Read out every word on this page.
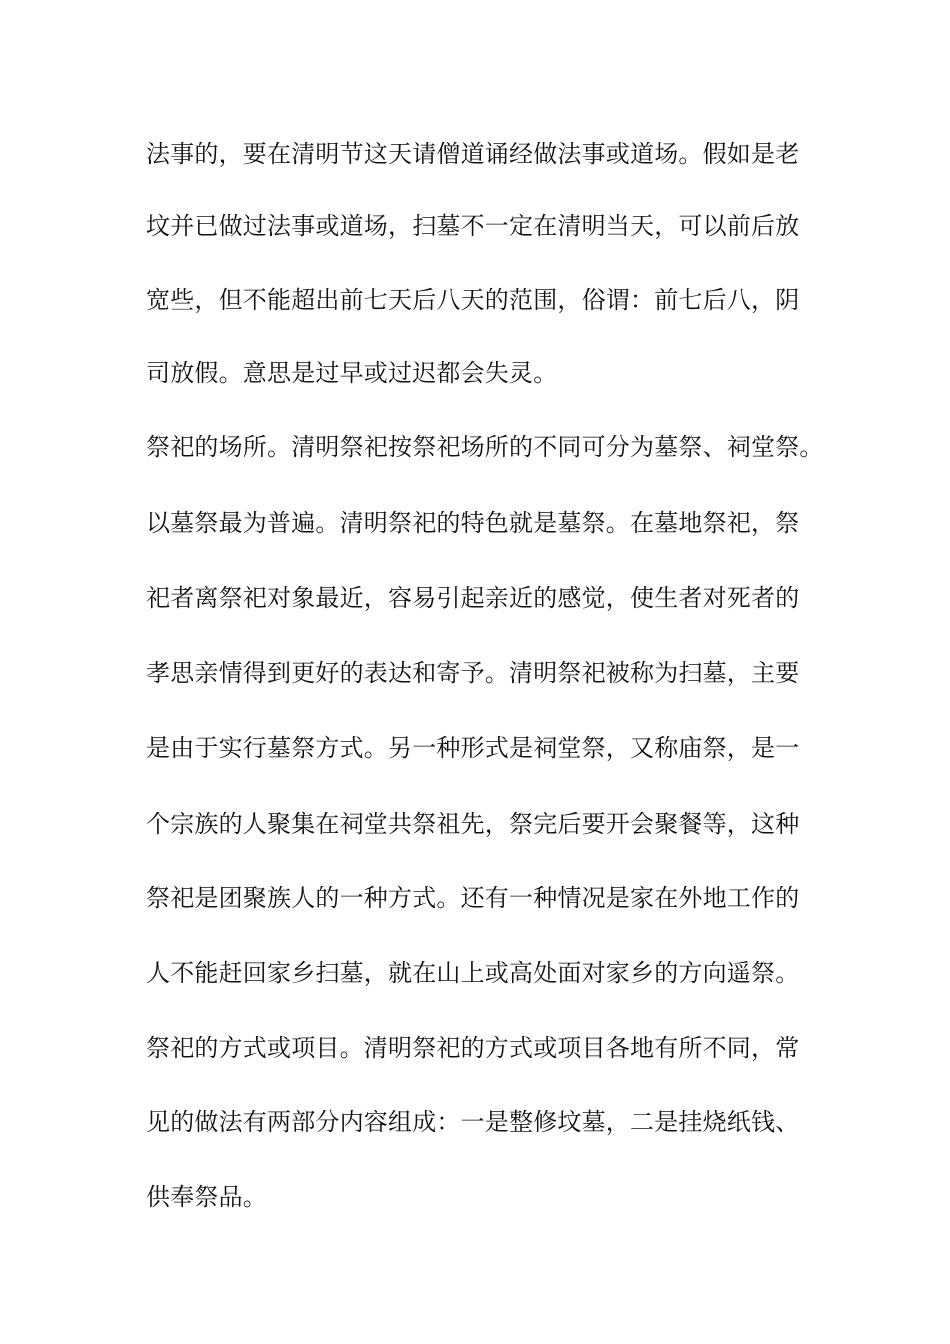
法事的，要在清明节这天请僧道诵经做法事或道场。假如是老
坟并已做过法事或道场，扫墓不一定在清明当天，可以前后放
宽些，但不能超出前七天后八天的范围，俗谓：前七后八，阴
司放假。意思是过早或过迟都会失灵。
祭祀的场所。清明祭祀按祭祀场所的不同可分为墓祭、祠堂祭。
以墓祭最为普遍。清明祭祀的特色就是墓祭。在墓地祭祀，祭
祀者离祭祀对象最近，容易引起亲近的感觉，使生者对死者的
孝思亲情得到更好的表达和寄予。清明祭祀被称为扫墓，主要
是由于实行墓祭方式。另一种形式是祠堂祭，又称庙祭，是一
个宗族的人聚集在祠堂共祭祖先，祭完后要开会聚餐等，这种
祭祀是团聚族人的一种方式。还有一种情况是家在外地工作的
人不能赶回家乡扫墓，就在山上或高处面对家乡的方向遥祭。
祭祀的方式或项目。清明祭祀的方式或项目各地有所不同，常
见的做法有两部分内容组成：一是整修坟墓，二是挂烧纸钱、
供奉祭品。
